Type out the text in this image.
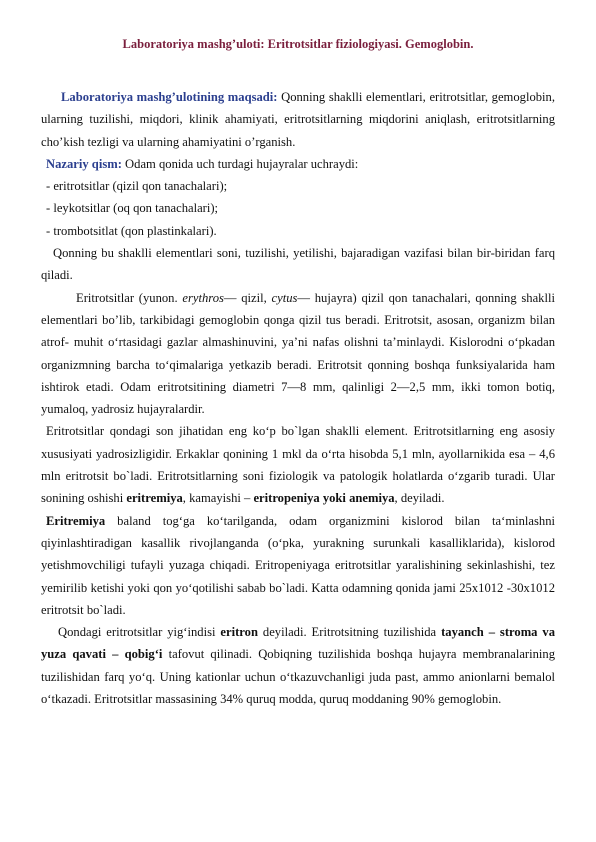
Laboratoriya mashg’uloti: Eritrotsitlar fiziologiyasi. Gemoglobin.

Laboratoriya mashg’ulotining maqsadi: Qonning shaklli elementlari, eritrotsitlar, gemoglobin, ularning tuzilishi, miqdori, klinik ahamiyati, eritrotsitlarning miqdorini aniqlash, eritrotsitlarning cho’kish tezligi va ularning ahamiyatini o’rganish.

Nazariy qism: Odam qonida uch turdagi hujayralar uchraydi:

- eritrotsitlar (qizil qon tanachalari);

- leykotsitlar (oq qon tanachalari);

- trombotsitlat (qon plastinkalari).

Qonning bu shaklli elementlari soni, tuzilishi, yetilishi, bajaradigan vazifasi bilan bir-biridan farq qiladi.

Eritrotsitlar (yunon. erythros— qizil, cytus— hujayra) qizil qon tanachalari, qonning shaklli elementlari bo’lib, tarkibidagi gemoglobin qonga qizil tus beradi. Eritrotsit, asosan, organizm bilan atrof- muhit o‘rtasidagi gazlar almashinuvini, ya’ni nafas olishni ta’minlaydi. Kislorodni o‘pkadan organizmning barcha to‘qimalariga yetkazib beradi. Eritrotsit qonning boshqa funksiyalarida ham ishtirok etadi. Odam eritrotsitining diametri 7—8 mm, qalinligi 2—2,5 mm, ikki tomon botiq, yumaloq, yadrosiz hujayralardir.

Eritrotsitlar qondagi son jihatidan eng ko‘p bo`lgan shaklli element. Eritrotsitlarning eng asosiy xususiyati yadrosizligidir. Erkaklar qonining 1 mkl da o‘rta hisobda 5,1 mln, ayollarnikida esa – 4,6 mln eritrotsit bo`ladi. Eritrotsitlarning soni fiziologik va patologik holatlarda o‘zgarib turadi. Ular sonining oshishi eritremiya, kamayishi – eritropeniya yoki anemiya, deyiladi.

Eritremiya baland tog‘ga ko‘tarilganda, odam organizmini kislorod bilan ta‘minlashni qiyinlashtiradigan kasallik rivojlanganda (o‘pka, yurakning surunkali kasalliklarida), kislorod yetishmovchiligi tufayli yuzaga chiqadi. Eritropeniyaga eritrotsitlar yaralishining sekinlashishi, tez yemirilib ketishi yoki qon yo‘qotilishi sabab bo`ladi. Katta odamning qonida jami 25x1012 -30x1012 eritrotsit bo`ladi.

Qondagi eritrotsitlar yig‘indisi eritron deyiladi. Eritrotsitning tuzilishida tayanch – stroma va yuza qavati – qobig‘i tafovut qilinadi. Qobiqning tuzilishida boshqa hujayra membranalarining tuzilishidan farq yo‘q. Uning kationlar uchun o‘tkazuvchanligi juda past, ammo anionlarni bemalol o‘tkazadi. Eritrotsitlar massasining 34% quruq modda, quruq moddaning 90% gemoglobin.
